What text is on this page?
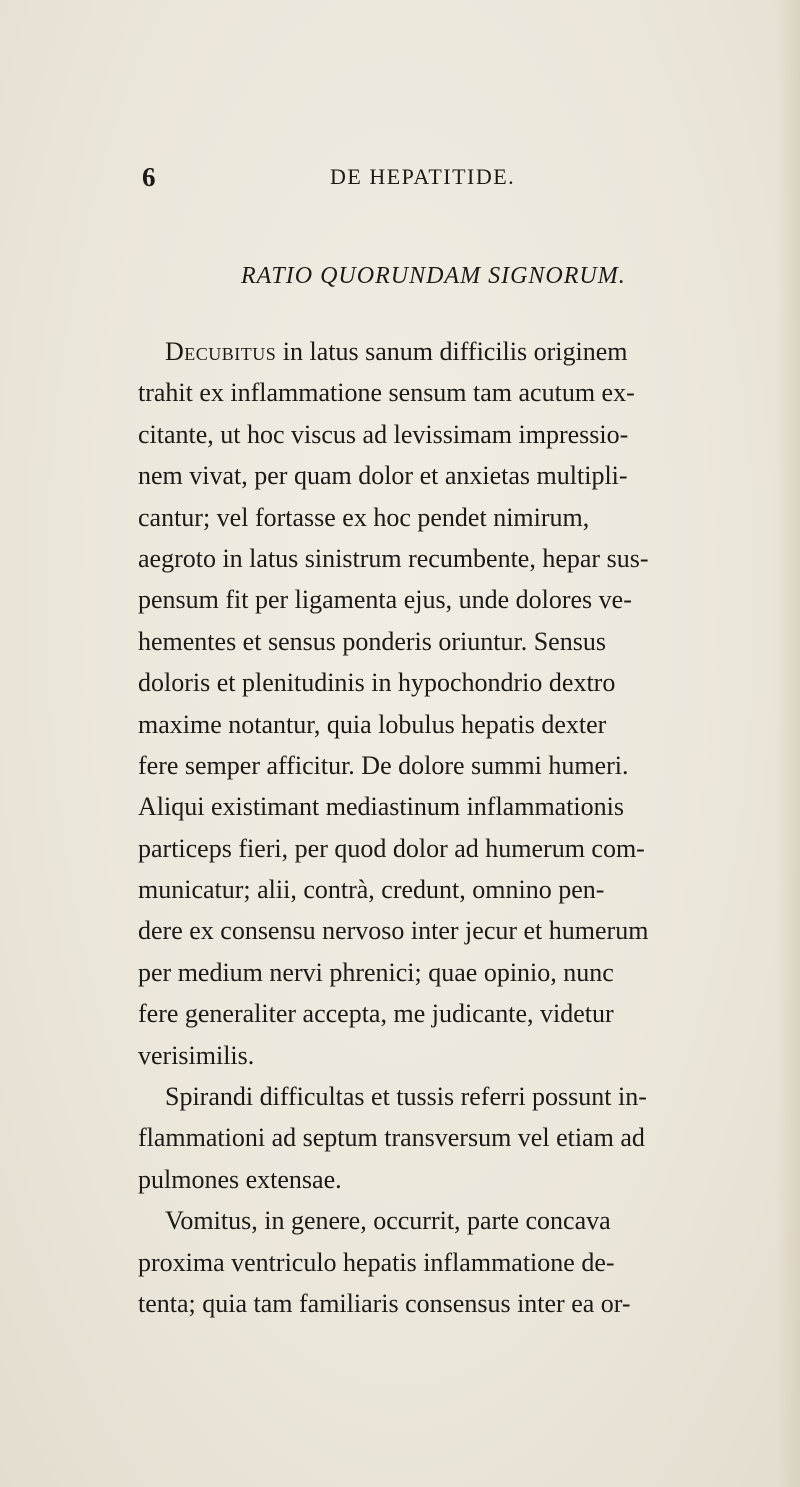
6	DE HEPATITIDE.
RATIO QUORUNDAM SIGNORUM.
Decubitus in latus sanum difficilis originem
trahit ex inflammatione sensum tam acutum ex-
citante, ut hoc viscus ad levissimam impressio-
nem vivat, per quam dolor et anxietas multipli-
cantur; vel fortasse ex hoc pendet nimirum,
aegroto in latus sinistrum recumbente, hepar sus-
pensum fit per ligamenta ejus, unde dolores ve-
hementes et sensus ponderis oriuntur. Sensus
doloris et plenitudinis in hypochondrio dextro
maxime notantur, quia lobulus hepatis dexter
fere semper afficitur. De dolore summi humeri.
Aliqui existimant mediastinum inflammationis
particeps fieri, per quod dolor ad humerum com-
municatur; alii, contrà, credunt, omnino pen-
dere ex consensu nervoso inter jecur et humerum
per medium nervi phrenici; quae opinio, nunc
fere generaliter accepta, me judicante, videtur
verisimilis.
Spirandi difficultas et tussis referri possunt in-
flammationi ad septum transversum vel etiam ad
pulmones extensae.
Vomitus, in genere, occurrit, parte concava
proxima ventriculo hepatis inflammatione de-
tenta; quia tam familiaris consensus inter ea or-
